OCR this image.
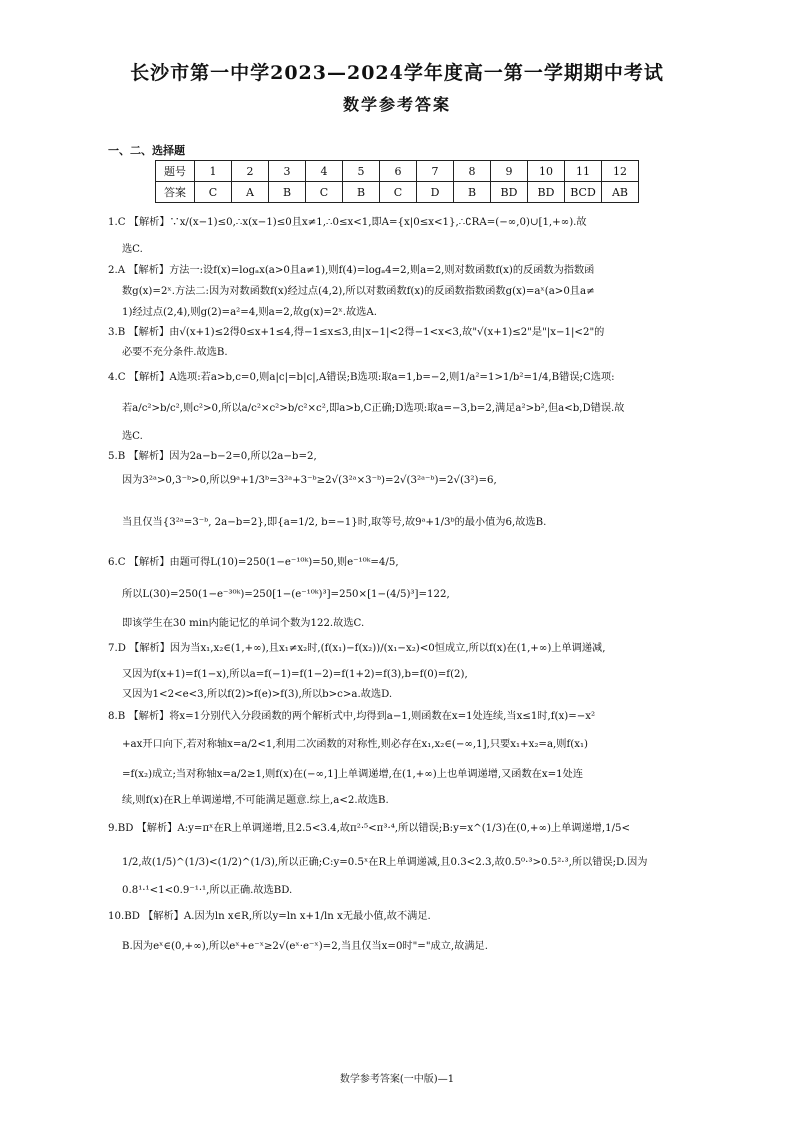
长沙市第一中学2023—2024学年度高一第一学期期中考试
数学参考答案
一、二、选择题
题号	1	2	3	4	5	6	7	8	9	10	11	12
答案	C	A	B	C	B	C	D	B	BD	BD	BCD	AB
1.C 【解析】∵x/(x−1)≤0,∴x(x−1)≤0且x≠1,∴0≤x<1,即A={x|0≤x<1},∴∁RA=(−∞,0)∪[1,+∞).故
选C.
2.A 【解析】方法一:设f(x)=logₐx(a>0且a≠1),则f(4)=logₐ4=2,则a=2,则对数函数f(x)的反函数为指数函
数g(x)=2ˣ.方法二:因为对数函数f(x)经过点(4,2),所以对数函数f(x)的反函数指数函数g(x)=aˣ(a>0且a≠
1)经过点(2,4),则g(2)=a²=4,则a=2,故g(x)=2ˣ.故选A.
3.B 【解析】由√(x+1)≤2得0≤x+1≤4,得−1≤x≤3,由|x−1|<2得−1<x<3,故"√(x+1)≤2"是"|x−1|<2"的
必要不充分条件.故选B.
4.C 【解析】A选项:若a>b,c=0,则a|c|=b|c|,A错误;B选项:取a=1,b=−2,则1/a²=1>1/b²=1/4,B错误;C选项:
若a/c²>b/c²,则c²>0,所以a/c²×c²>b/c²×c²,即a>b,C正确;D选项:取a=−3,b=2,满足a²>b²,但a<b,D错误.故
选C.
5.B 【解析】因为2a−b−2=0,所以2a−b=2,
因为3²ᵃ>0,3⁻ᵇ>0,所以9ᵃ+1/3ᵇ=3²ᵃ+3⁻ᵇ≥2√(3²ᵃ×3⁻ᵇ)=2√(3²ᵃ⁻ᵇ)=2√(3²)=6,
当且仅当{3²ᵃ=3⁻ᵇ, 2a−b=2},即{a=1/2, b=−1}时,取等号,故9ᵃ+1/3ᵇ的最小值为6,故选B.
6.C 【解析】由题可得L(10)=250(1−e⁻¹⁰ᵏ)=50,则e⁻¹⁰ᵏ=4/5,
所以L(30)=250(1−e⁻³⁰ᵏ)=250[1−(e⁻¹⁰ᵏ)³]=250×[1−(4/5)³]=122,
即该学生在30 min内能记忆的单词个数为122.故选C.
7.D 【解析】因为当x₁,x₂∈(1,+∞),且x₁≠x₂时,(f(x₁)−f(x₂))/(x₁−x₂)<0恒成立,所以f(x)在(1,+∞)上单调递减,
又因为f(x+1)=f(1−x),所以a=f(−1)=f(1−2)=f(1+2)=f(3),b=f(0)=f(2),
又因为1<2<e<3,所以f(2)>f(e)>f(3),所以b>c>a.故选D.
8.B 【解析】将x=1分别代入分段函数的两个解析式中,均得到a−1,则函数在x=1处连续,当x≤1时,f(x)=−x²
+ax开口向下,若对称轴x=a/2<1,利用二次函数的对称性,则必存在x₁,x₂∈(−∞,1],只要x₁+x₂=a,则f(x₁)
=f(x₂)成立;当对称轴x=a/2≥1,则f(x)在(−∞,1]上单调递增,在(1,+∞)上也单调递增,又函数在x=1处连
续,则f(x)在R上单调递增,不可能满足题意.综上,a<2.故选B.
9.BD 【解析】A:y=πˣ在R上单调递增,且2.5<3.4,故π²·⁵<π³·⁴,所以错误;B:y=x^(1/3)在(0,+∞)上单调递增,1/5<
1/2,故(1/5)^(1/3)<(1/2)^(1/3),所以正确;C:y=0.5ˣ在R上单调递减,且0.3<2.3,故0.5⁰·³>0.5²·³,所以错误;D.因为
0.8¹·¹<1<0.9⁻¹·¹,所以正确.故选BD.
10.BD 【解析】A.因为ln x∈R,所以y=ln x+1/ln x无最小值,故不满足.
B.因为eˣ∈(0,+∞),所以eˣ+e⁻ˣ≥2√(eˣ·e⁻ˣ)=2,当且仅当x=0时"="成立,故满足.
数学参考答案(一中版)—1
